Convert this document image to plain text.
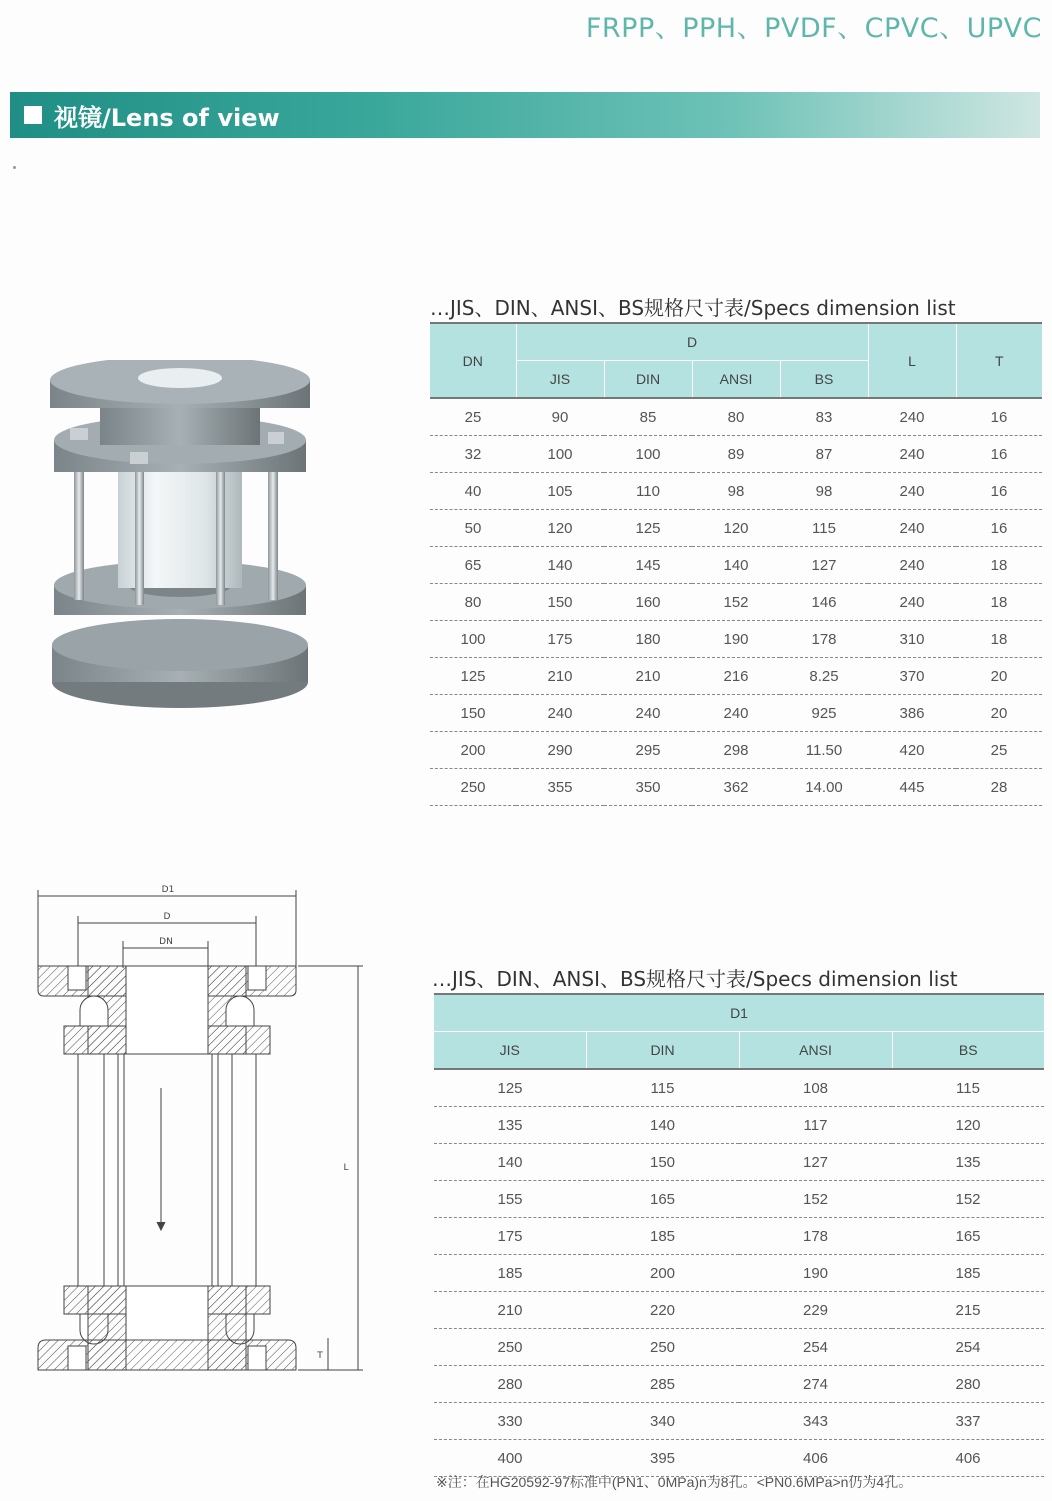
FRPP、PPH、PVDF、CPVC、UPVC
视镜/Lens of view
…JIS、DIN、ANSI、BS规格尺寸表/Specs dimension list
DN	D				L	T
	JIS	DIN	ANSI	BS		
25	90	85	80	83	240	16
32	100	100	89	87	240	16
40	105	110	98	98	240	16
50	120	125	120	115	240	16
65	140	145	140	127	240	18
80	150	160	152	146	240	18
100	175	180	190	178	310	18
125	210	210	216	8.25	370	20
150	240	240	240	925	386	20
200	290	295	298	11.50	420	25
250	355	350	362	14.00	445	28
D1
D
DN
L
T
…JIS、DIN、ANSI、BS规格尺寸表/Specs dimension list
D1			
JIS	DIN	ANSI	BS
125	115	108	115
135	140	117	120
140	150	127	135
155	165	152	152
175	185	178	165
185	200	190	185
210	220	229	215
250	250	254	254
280	285	274	280
330	340	343	337
400	395	406	406
※注：在HG20592-97标准中(PN1、0MPa)n为8孔。<PN0.6MPa>n仍为4孔。
